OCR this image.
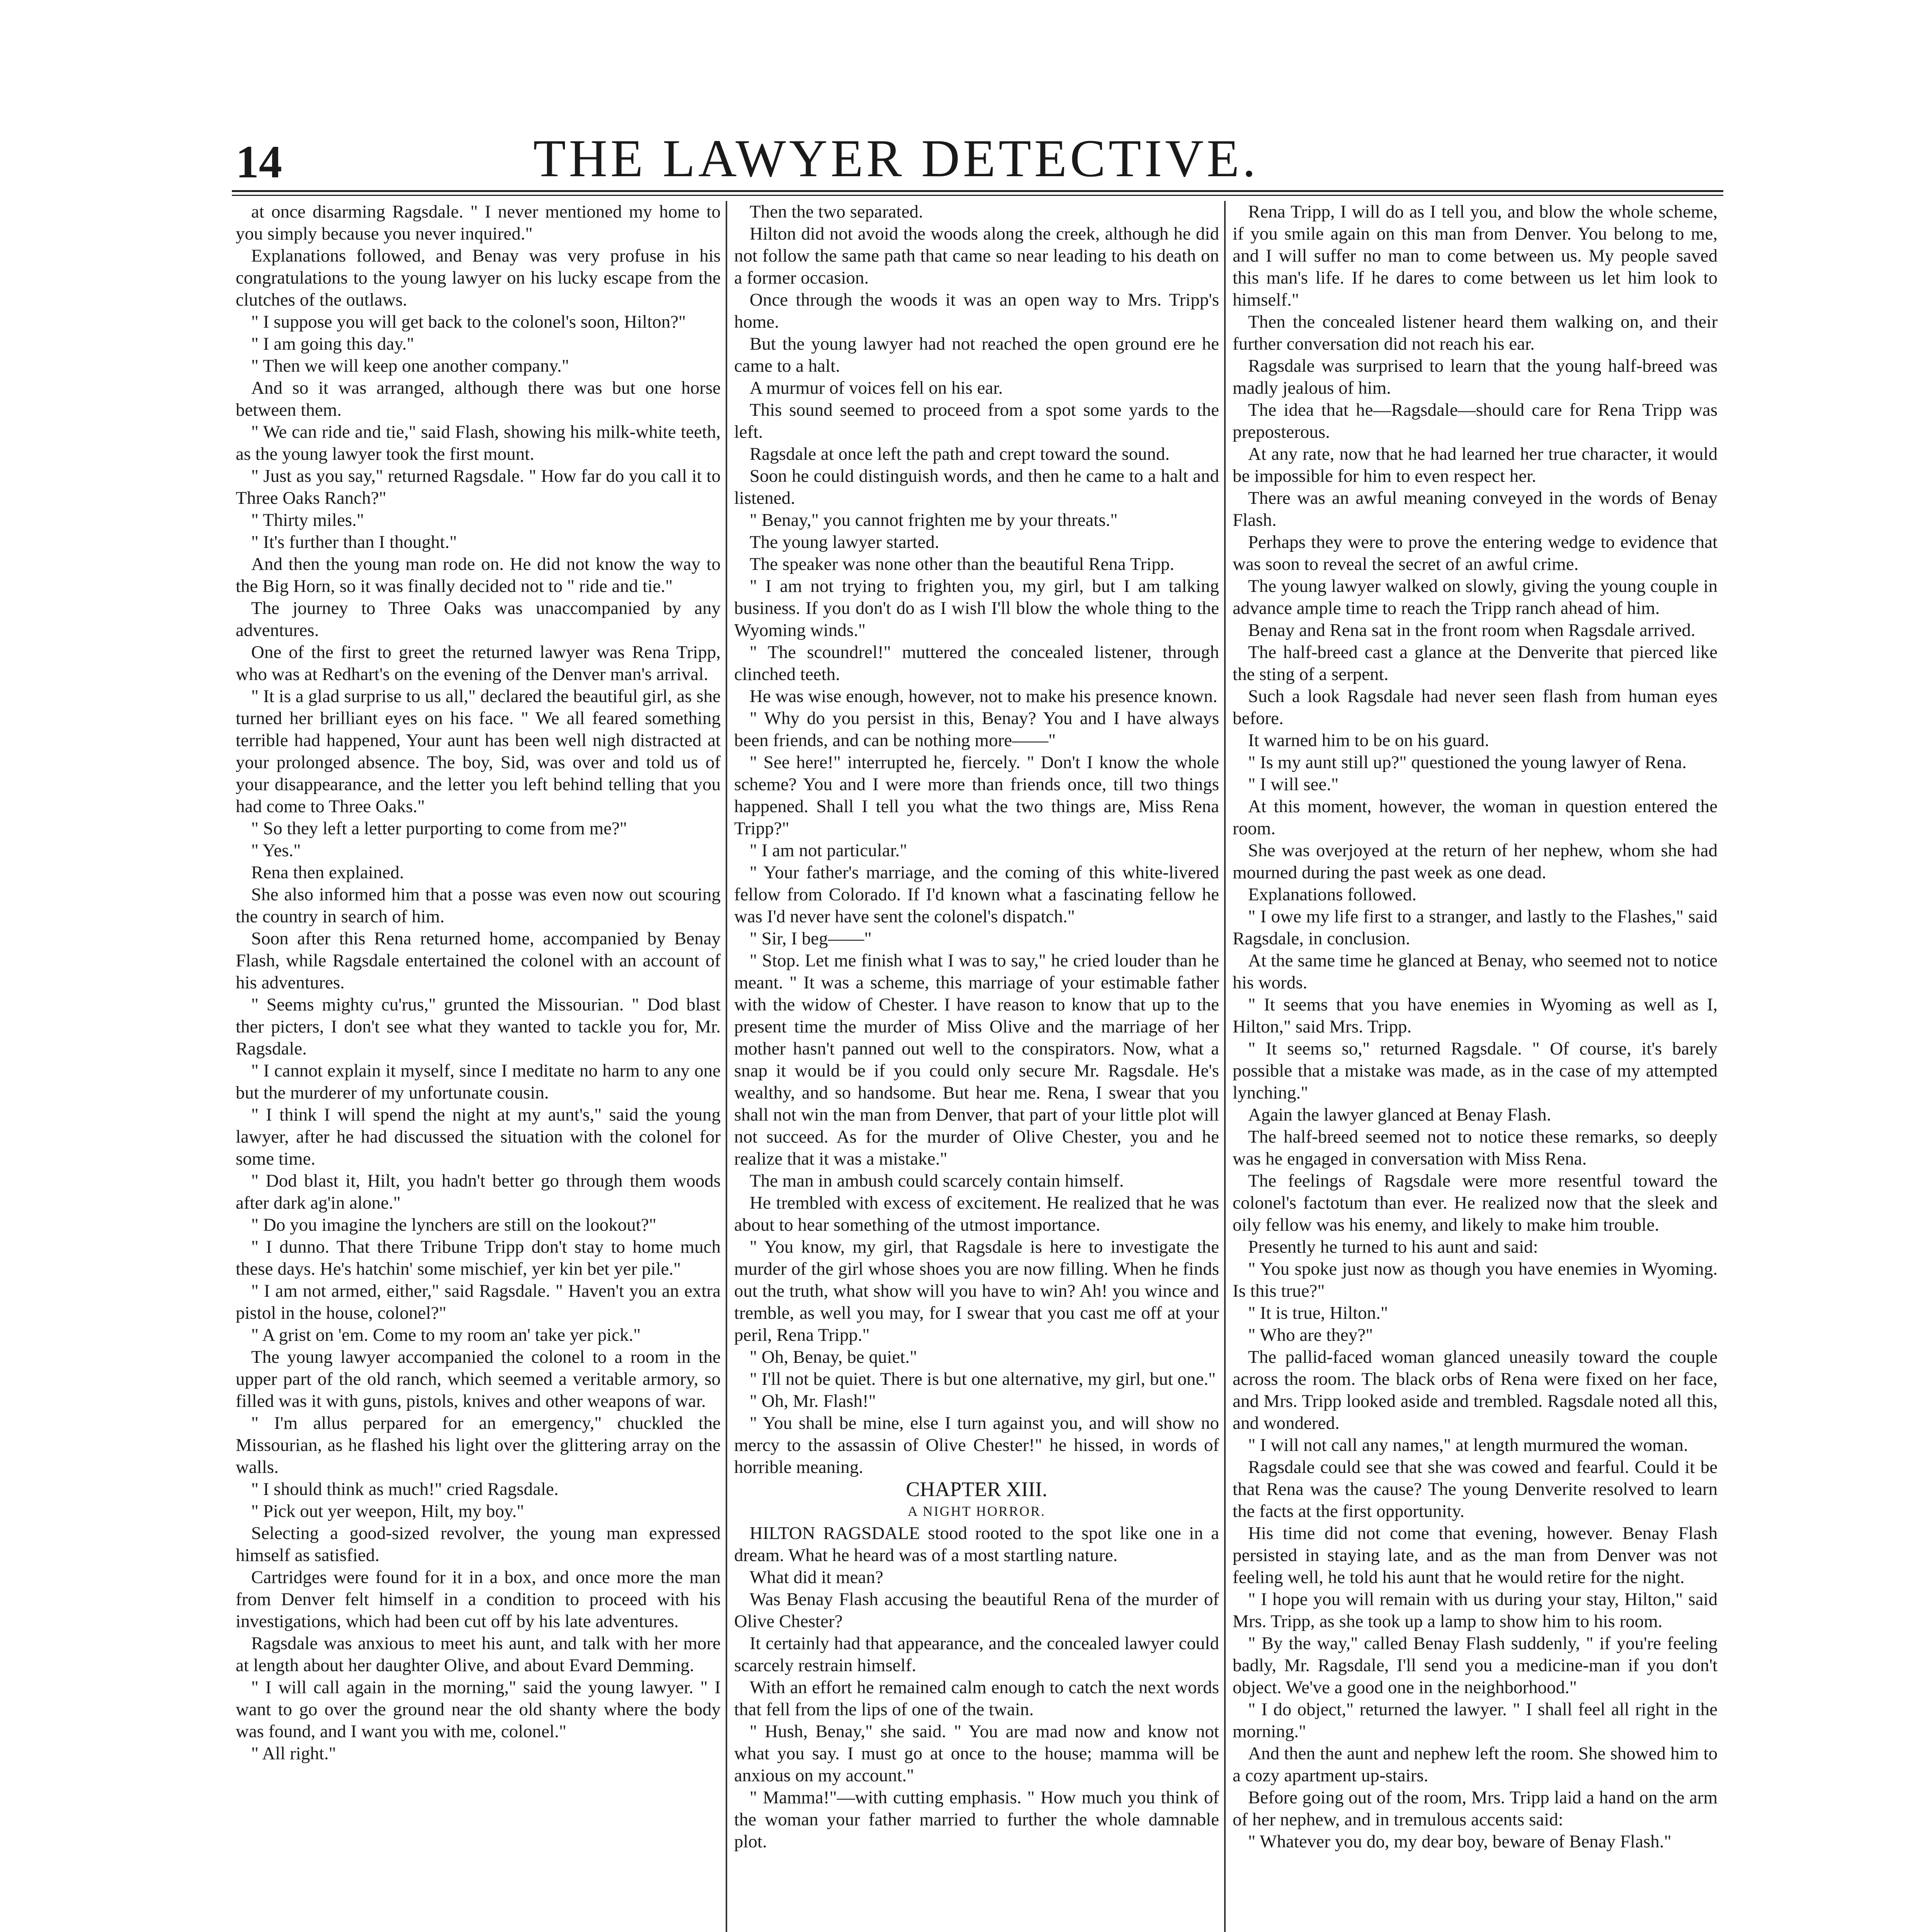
14	THE LAWYER DETECTIVE.

at once disarming Ragsdale. " I never mentioned my home to you simply because you never inquired."

Explanations followed, and Benay was very profuse in his congratulations to the young lawyer on his lucky escape from the clutches of the outlaws.

" I suppose you will get back to the colonel's soon, Hilton?"

" I am going this day."

" Then we will keep one another company."

And so it was arranged, although there was but one horse between them.

" We can ride and tie," said Flash, showing his milk-white teeth, as the young lawyer took the first mount.

" Just as you say," returned Ragsdale. " How far do you call it to Three Oaks Ranch?"

" Thirty miles."

" It's further than I thought."

And then the young man rode on. He did not know the way to the Big Horn, so it was finally decided not to " ride and tie."

The journey to Three Oaks was unaccompanied by any adventures.

One of the first to greet the returned lawyer was Rena Tripp, who was at Redhart's on the evening of the Denver man's arrival.

" It is a glad surprise to us all," declared the beautiful girl, as she turned her brilliant eyes on his face. " We all feared something terrible had happened, Your aunt has been well nigh distracted at your prolonged absence. The boy, Sid, was over and told us of your disappearance, and the letter you left behind telling that you had come to Three Oaks."

" So they left a letter purporting to come from me?"

" Yes."

Rena then explained.

She also informed him that a posse was even now out scouring the country in search of him.

Soon after this Rena returned home, accompanied by Benay Flash, while Ragsdale entertained the colonel with an account of his adventures.

" Seems mighty cu'rus," grunted the Missourian. " Dod blast ther picters, I don't see what they wanted to tackle you for, Mr. Ragsdale.

" I cannot explain it myself, since I meditate no harm to any one but the murderer of my unfortunate cousin.

" I think I will spend the night at my aunt's," said the young lawyer, after he had discussed the situation with the colonel for some time.

" Dod blast it, Hilt, you hadn't better go through them woods after dark ag'in alone."

" Do you imagine the lynchers are still on the lookout?"

" I dunno. That there Tribune Tripp don't stay to home much these days. He's hatchin' some mischief, yer kin bet yer pile."

" I am not armed, either," said Ragsdale. " Haven't you an extra pistol in the house, colonel?"

" A grist on 'em. Come to my room an' take yer pick."

The young lawyer accompanied the colonel to a room in the upper part of the old ranch, which seemed a veritable armory, so filled was it with guns, pistols, knives and other weapons of war.

" I'm allus perpared for an emergency," chuckled the Missourian, as he flashed his light over the glittering array on the walls.

" I should think as much!" cried Ragsdale.

" Pick out yer weepon, Hilt, my boy."

Selecting a good-sized revolver, the young man expressed himself as satisfied.

Cartridges were found for it in a box, and once more the man from Denver felt himself in a condition to proceed with his investigations, which had been cut off by his late adventures.

Ragsdale was anxious to meet his aunt, and talk with her more at length about her daughter Olive, and about Evard Demming.

" I will call again in the morning," said the young lawyer. " I want to go over the ground near the old shanty where the body was found, and I want you with me, colonel."

" All right."

Then the two separated.

Hilton did not avoid the woods along the creek, although he did not follow the same path that came so near leading to his death on a former occasion.

Once through the woods it was an open way to Mrs. Tripp's home.

But the young lawyer had not reached the open ground ere he came to a halt.

A murmur of voices fell on his ear.

This sound seemed to proceed from a spot some yards to the left.

Ragsdale at once left the path and crept toward the sound.

Soon he could distinguish words, and then he came to a halt and listened.

" Benay," you cannot frighten me by your threats."

The young lawyer started.

The speaker was none other than the beautiful Rena Tripp.

" I am not trying to frighten you, my girl, but I am talking business. If you don't do as I wish I'll blow the whole thing to the Wyoming winds."

" The scoundrel!" muttered the concealed listener, through clinched teeth.

He was wise enough, however, not to make his presence known.

" Why do you persist in this, Benay? You and I have always been friends, and can be nothing more——"

" See here!" interrupted he, fiercely. " Don't I know the whole scheme? You and I were more than friends once, till two things happened. Shall I tell you what the two things are, Miss Rena Tripp?"

" I am not particular."

" Your father's marriage, and the coming of this white-livered fellow from Colorado. If I'd known what a fascinating fellow he was I'd never have sent the colonel's dispatch."

" Sir, I beg——"

" Stop. Let me finish what I was to say," he cried louder than he meant. " It was a scheme, this marriage of your estimable father with the widow of Chester. I have reason to know that up to the present time the murder of Miss Olive and the marriage of her mother hasn't panned out well to the conspirators. Now, what a snap it would be if you could only secure Mr. Ragsdale. He's wealthy, and so handsome. But hear me. Rena, I swear that you shall not win the man from Denver, that part of your little plot will not succeed. As for the murder of Olive Chester, you and he realize that it was a mistake."

The man in ambush could scarcely contain himself.

He trembled with excess of excitement. He realized that he was about to hear something of the utmost importance.

" You know, my girl, that Ragsdale is here to investigate the murder of the girl whose shoes you are now filling. When he finds out the truth, what show will you have to win? Ah! you wince and tremble, as well you may, for I swear that you cast me off at your peril, Rena Tripp."

" Oh, Benay, be quiet."

" I'll not be quiet. There is but one alternative, my girl, but one."

" Oh, Mr. Flash!"

" You shall be mine, else I turn against you, and will show no mercy to the assassin of Olive Chester!" he hissed, in words of horrible meaning.

CHAPTER XIII.

A NIGHT HORROR.

HILTON RAGSDALE stood rooted to the spot like one in a dream. What he heard was of a most startling nature.

What did it mean?

Was Benay Flash accusing the beautiful Rena of the murder of Olive Chester?

It certainly had that appearance, and the concealed lawyer could scarcely restrain himself.

With an effort he remained calm enough to catch the next words that fell from the lips of one of the twain.

" Hush, Benay," she said. " You are mad now and know not what you say. I must go at once to the house; mamma will be anxious on my account."

" Mamma!"—with cutting emphasis. " How much you think of the woman your father married to further the whole damnable plot.

Rena Tripp, I will do as I tell you, and blow the whole scheme, if you smile again on this man from Denver. You belong to me, and I will suffer no man to come between us. My people saved this man's life. If he dares to come between us let him look to himself."

Then the concealed listener heard them walking on, and their further conversation did not reach his ear.

Ragsdale was surprised to learn that the young half-breed was madly jealous of him.

The idea that he—Ragsdale—should care for Rena Tripp was preposterous.

At any rate, now that he had learned her true character, it would be impossible for him to even respect her.

There was an awful meaning conveyed in the words of Benay Flash.

Perhaps they were to prove the entering wedge to evidence that was soon to reveal the secret of an awful crime.

The young lawyer walked on slowly, giving the young couple in advance ample time to reach the Tripp ranch ahead of him.

Benay and Rena sat in the front room when Ragsdale arrived.

The half-breed cast a glance at the Denverite that pierced like the sting of a serpent.

Such a look Ragsdale had never seen flash from human eyes before.

It warned him to be on his guard.

" Is my aunt still up?" questioned the young lawyer of Rena.

" I will see."

At this moment, however, the woman in question entered the room.

She was overjoyed at the return of her nephew, whom she had mourned during the past week as one dead.

Explanations followed.

" I owe my life first to a stranger, and lastly to the Flashes," said Ragsdale, in conclusion.

At the same time he glanced at Benay, who seemed not to notice his words.

" It seems that you have enemies in Wyoming as well as I, Hilton," said Mrs. Tripp.

" It seems so," returned Ragsdale. " Of course, it's barely possible that a mistake was made, as in the case of my attempted lynching."

Again the lawyer glanced at Benay Flash.

The half-breed seemed not to notice these remarks, so deeply was he engaged in conversation with Miss Rena.

The feelings of Ragsdale were more resentful toward the colonel's factotum than ever. He realized now that the sleek and oily fellow was his enemy, and likely to make him trouble.

Presently he turned to his aunt and said:

" You spoke just now as though you have enemies in Wyoming. Is this true?"

" It is true, Hilton."

" Who are they?"

The pallid-faced woman glanced uneasily toward the couple across the room. The black orbs of Rena were fixed on her face, and Mrs. Tripp looked aside and trembled. Ragsdale noted all this, and wondered.

" I will not call any names," at length murmured the woman.

Ragsdale could see that she was cowed and fearful. Could it be that Rena was the cause? The young Denverite resolved to learn the facts at the first opportunity.

His time did not come that evening, however. Benay Flash persisted in staying late, and as the man from Denver was not feeling well, he told his aunt that he would retire for the night.

" I hope you will remain with us during your stay, Hilton," said Mrs. Tripp, as she took up a lamp to show him to his room.

" By the way," called Benay Flash suddenly, " if you're feeling badly, Mr. Ragsdale, I'll send you a medicine-man if you don't object. We've a good one in the neighborhood."

" I do object," returned the lawyer. " I shall feel all right in the morning."

And then the aunt and nephew left the room. She showed him to a cozy apartment up-stairs.

Before going out of the room, Mrs. Tripp laid a hand on the arm of her nephew, and in tremulous accents said:

" Whatever you do, my dear boy, beware of Benay Flash."
